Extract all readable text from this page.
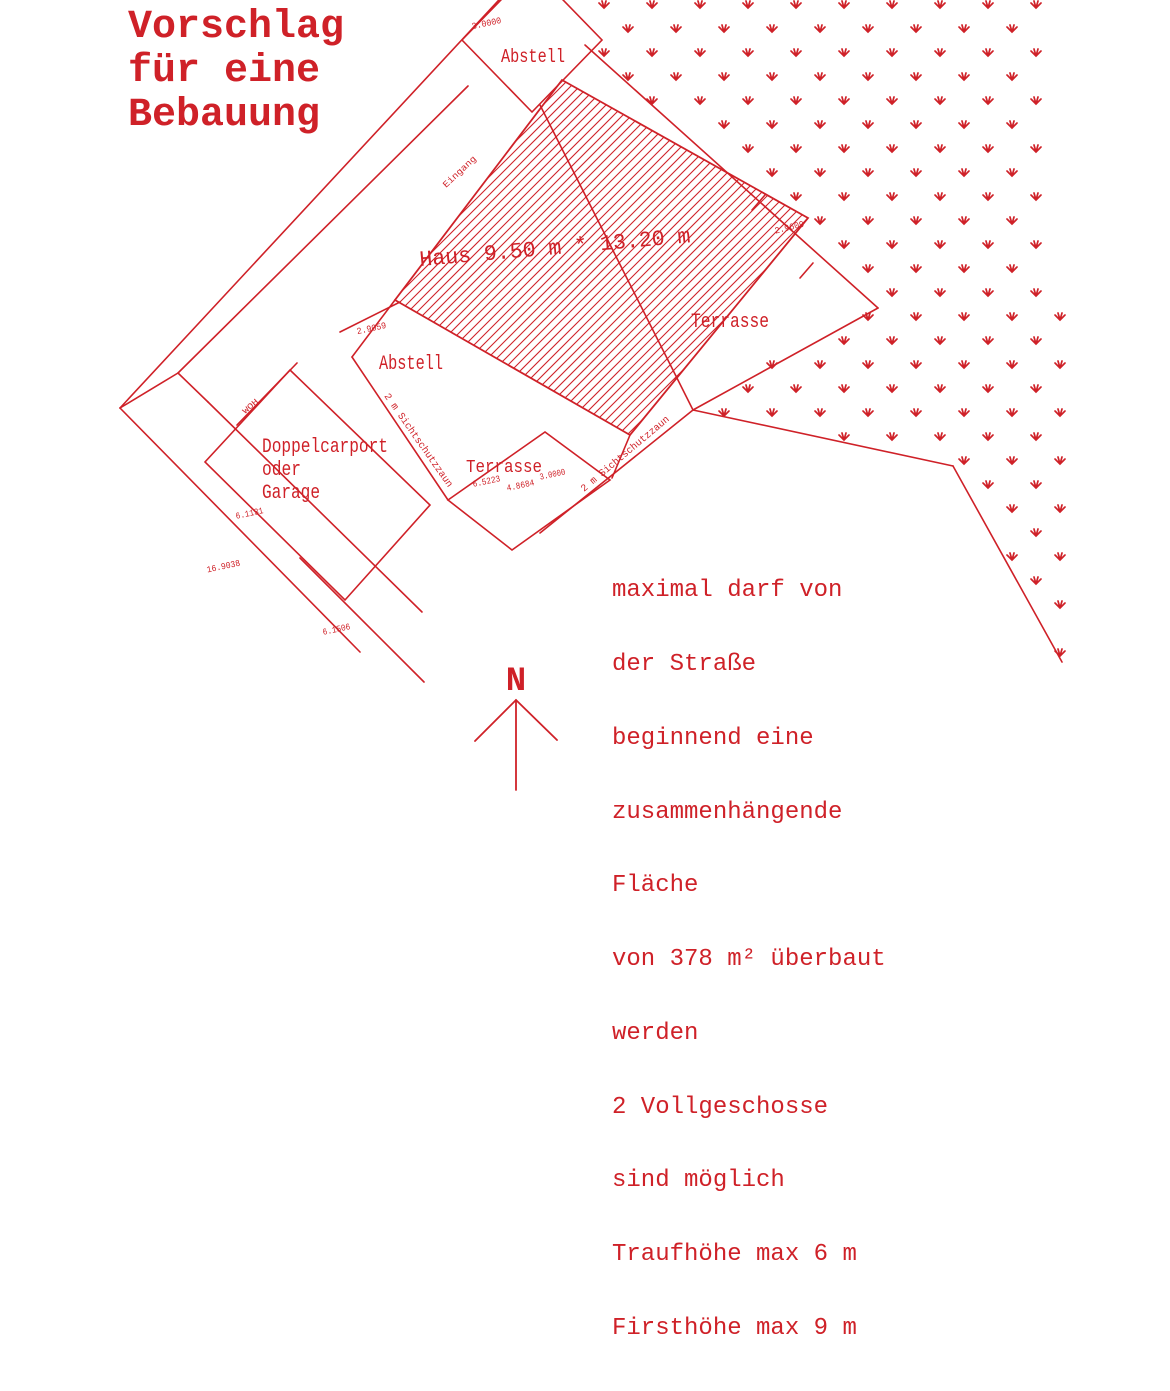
N
Abstell
3.0000
Eingang
Haus 9.50 m * 13.20 m
Terrasse
2.9609
2.9059
Abstell
WOH
Doppelcarport
oder
Garage
Terrasse
6.5223 4.8684
3.0000
2 m Sichtschutzzaun	2 m Sichtschutzzaun
6.1131
16.9038
6.1506
Vorschlag
für eine
Bebauung

maximal darf von

der Straße

beginnend eine

zusammenhängende

Fläche

von 378 m² überbaut

werden

2 Vollgeschosse

sind möglich

Traufhöhe max 6 m

Firsthöhe max 9 m
